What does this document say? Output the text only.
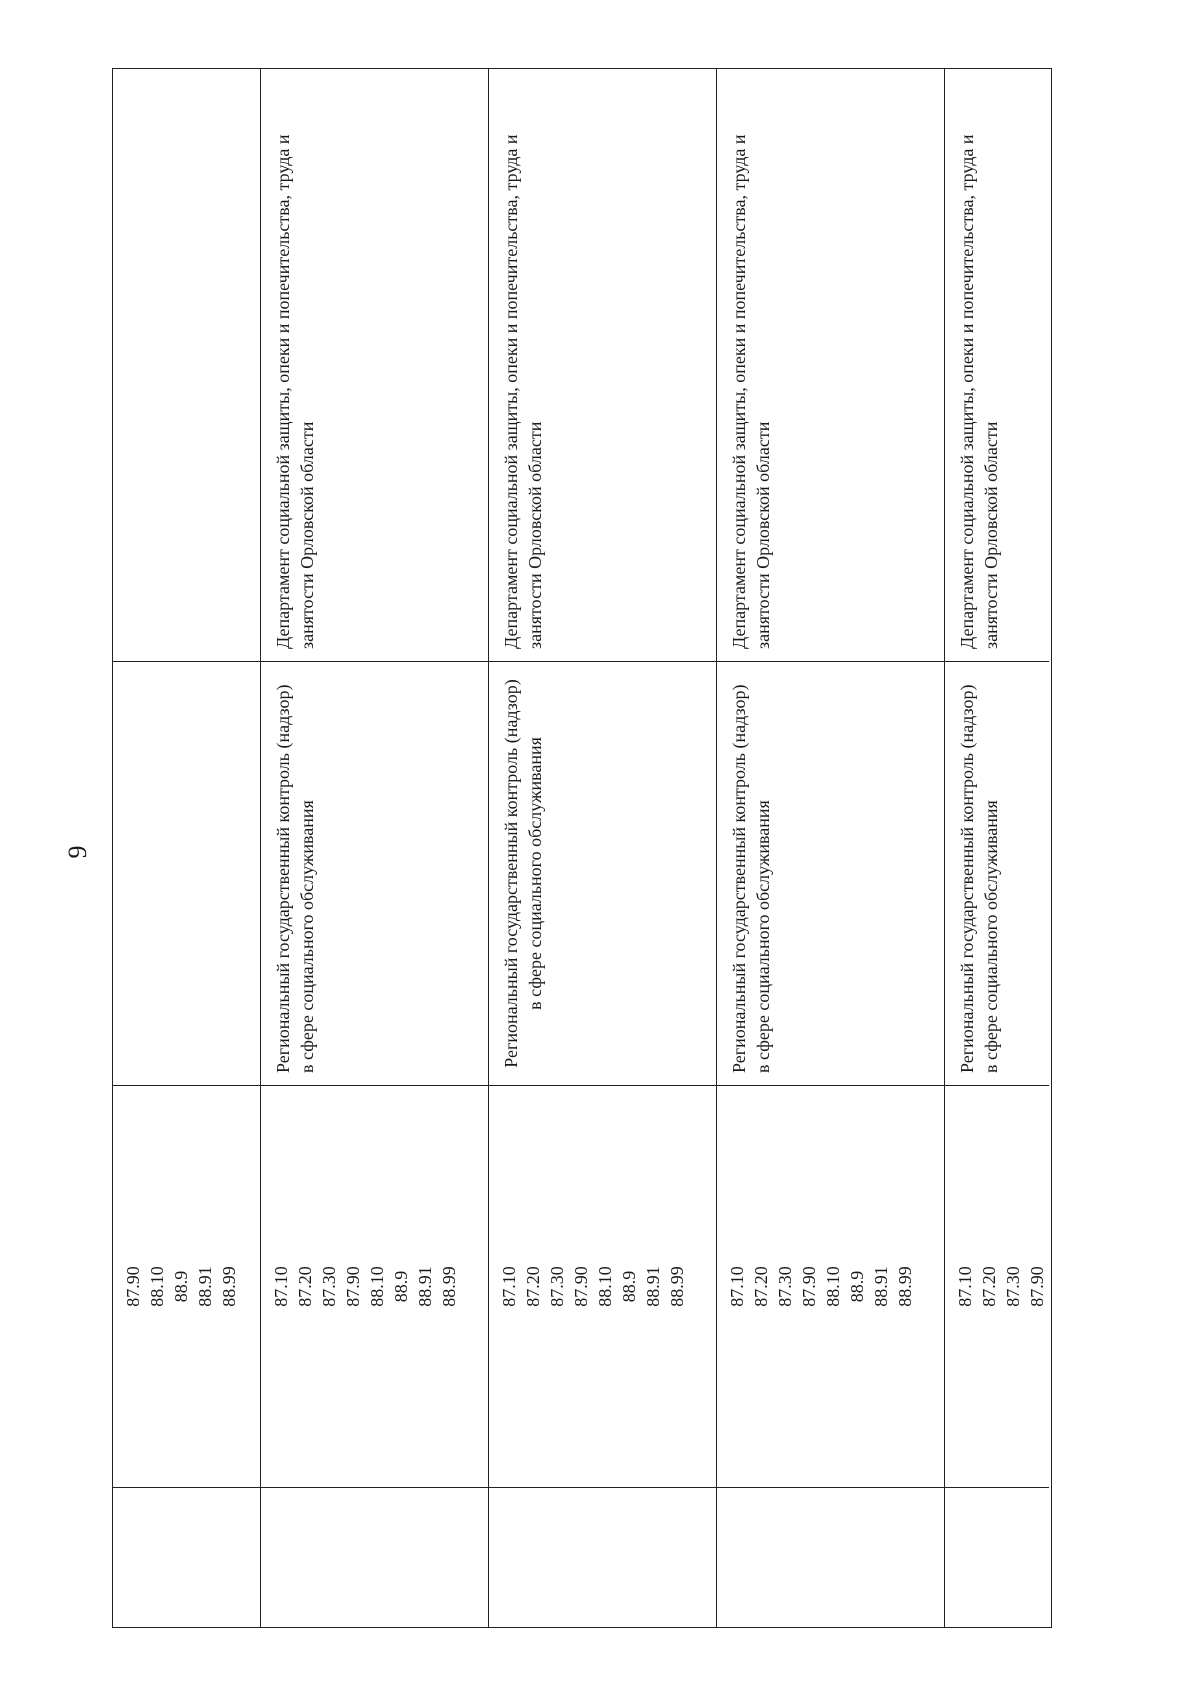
9
87.90 88.10 88.9 88.91 88.99 87.10 87.20 87.30 87.90 88.10 88.9 88.91 88.99
Региональный государственный контроль (надзор) в сфере социального обслуживания
Департамент социальной защиты, опеки и попечительства, труда и занятости Орловской области
87.10 87.20 87.30 87.90 88.10 88.9 88.91 88.99
Региональный государственный контроль (надзор) в сфере социального обслуживания
Департамент социальной защиты, опеки и попечительства, труда и занятости Орловской области
87.10 87.20 87.30 87.90 88.10 88.9 88.91 88.99
Региональный государственный контроль (надзор) в сфере социального обслуживания
Департамент социальной защиты, опеки и попечительства, труда и занятости Орловской области
87.10 87.20 87.30 87.90
Региональный государственный контроль (надзор) в сфере социального обслуживания
Департамент социальной защиты, опеки и попечительства, труда и занятости Орловской области
